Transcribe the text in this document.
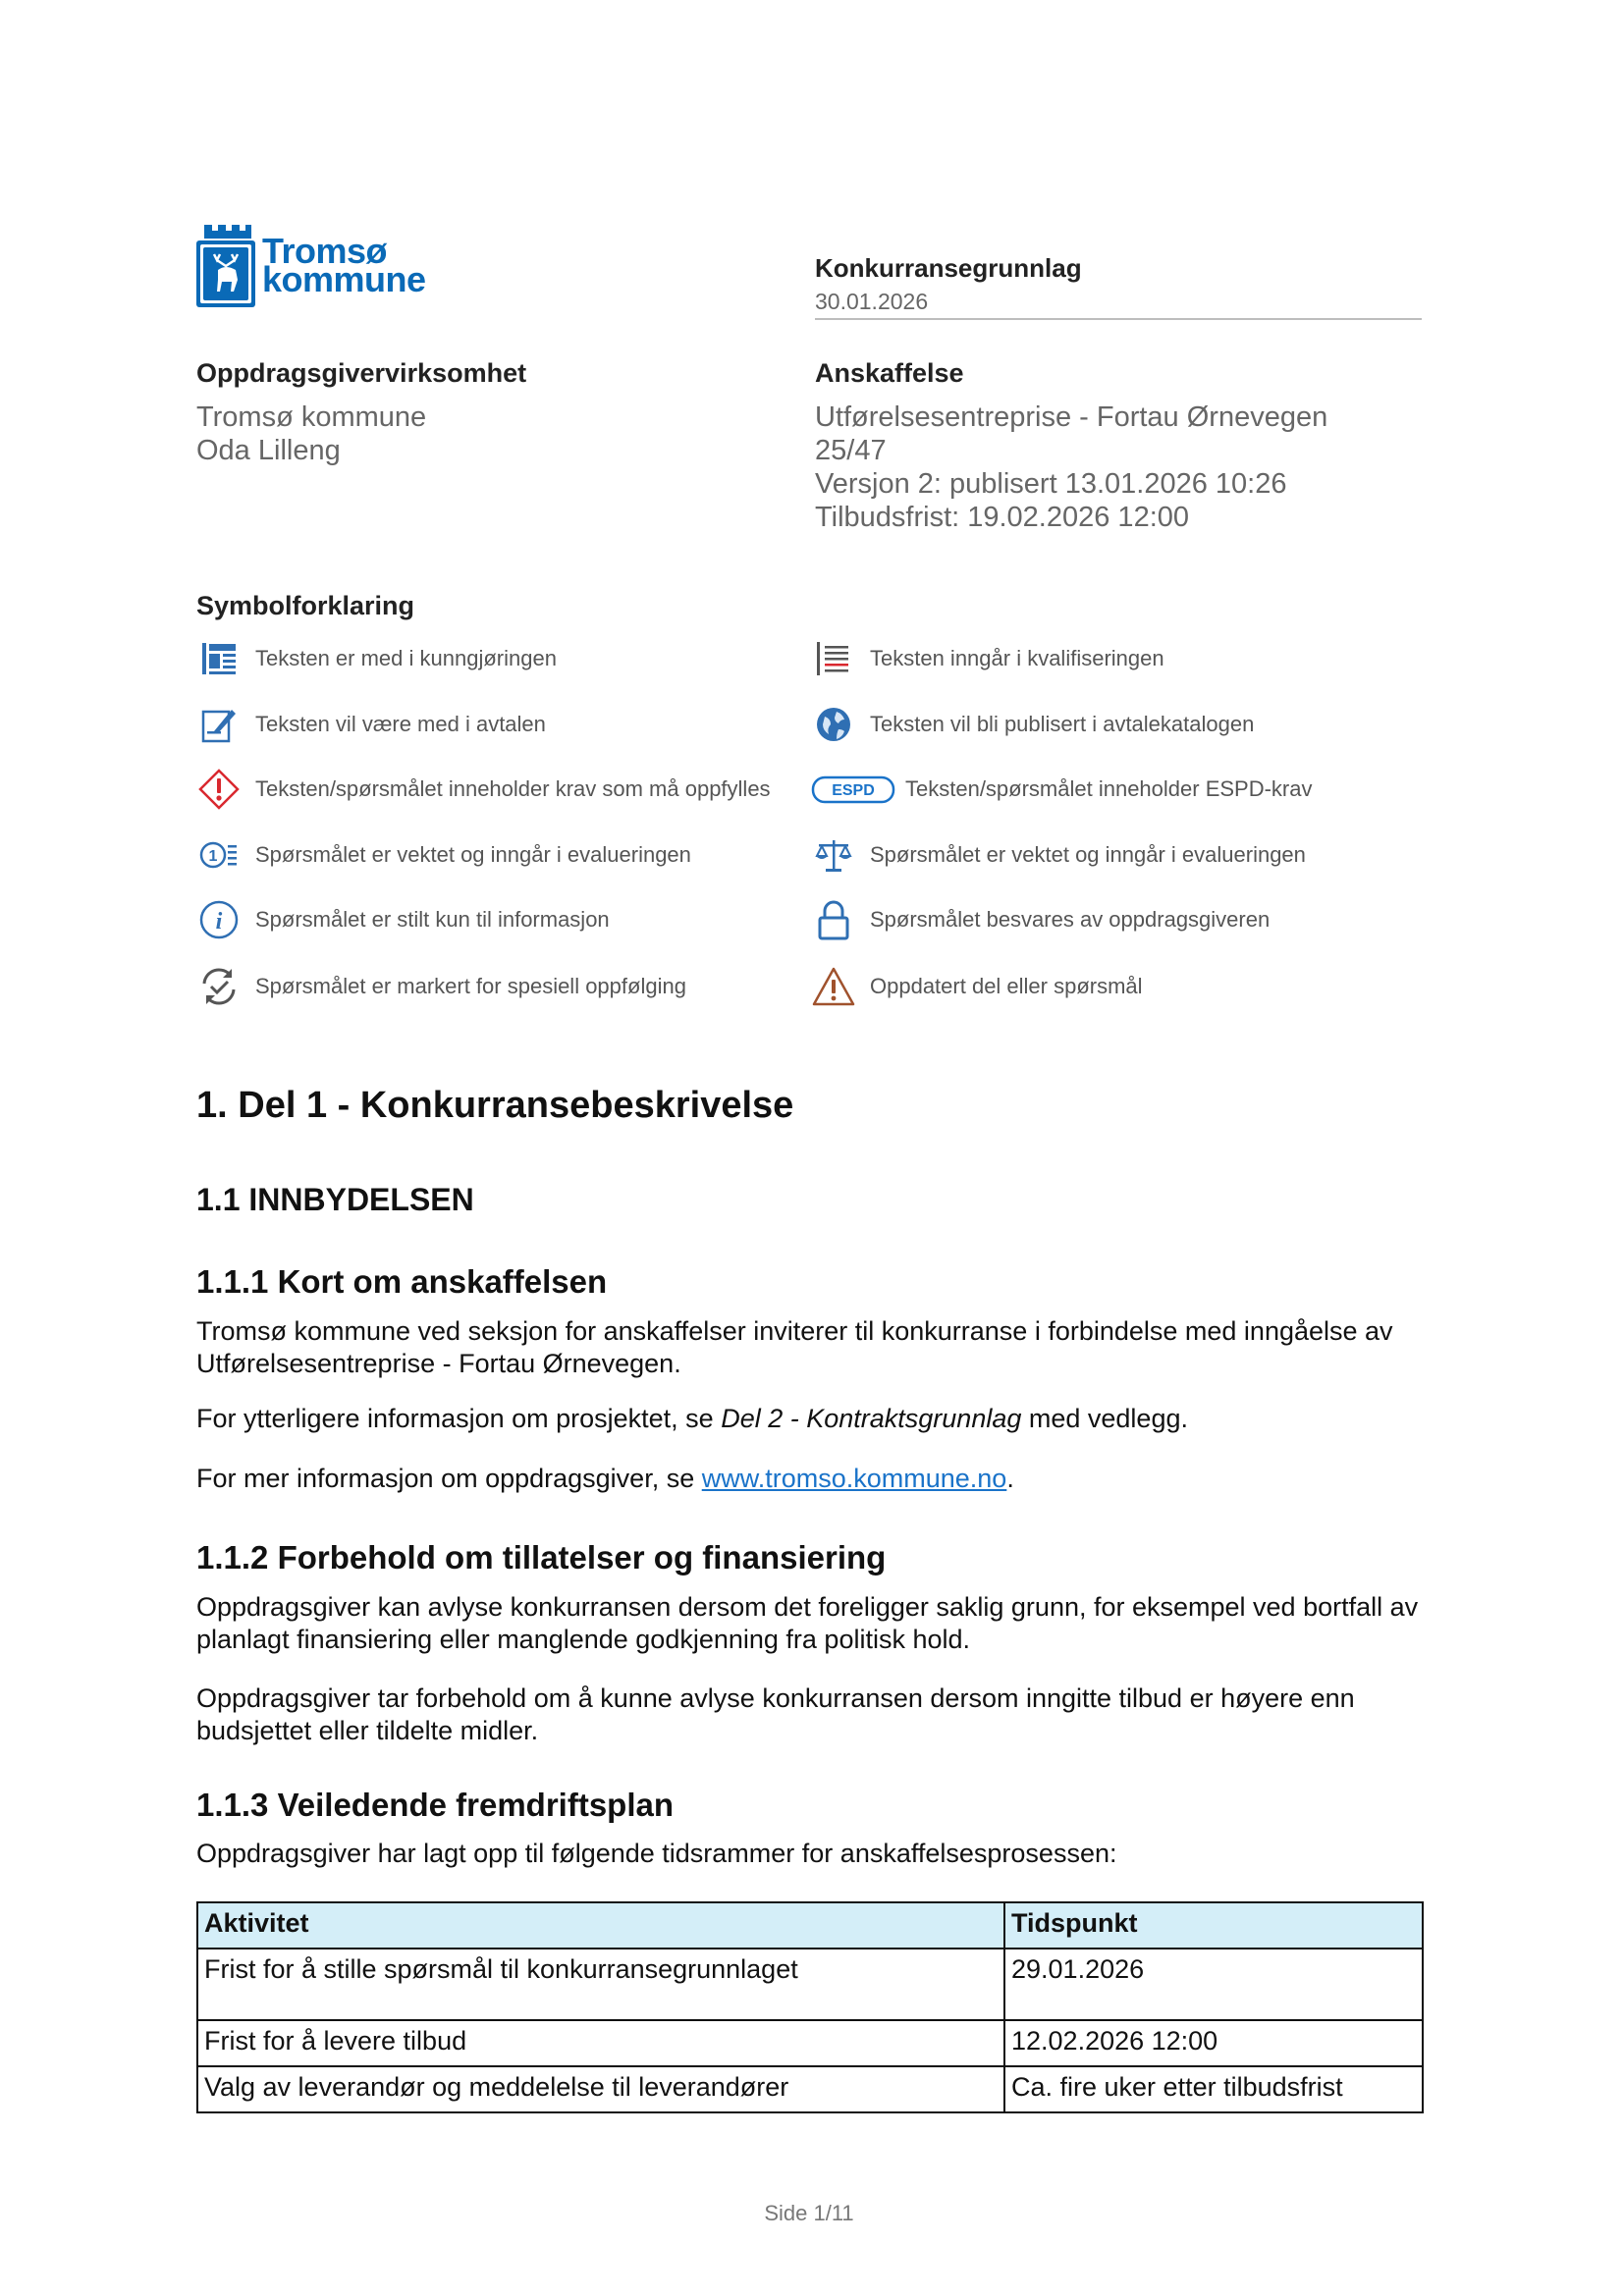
Tromsø
kommune	Konkurransegrunnlag
30.01.2026
Oppdragsgivervirksomhet
Tromsø kommune
Oda Lilleng
Anskaffelse
Utførelsesentreprise - Fortau Ørnevegen
25/47
Versjon 2: publisert 13.01.2026 10:26
Tilbudsfrist: 19.02.2026 12:00
Symbolforklaring
Teksten er med i kunngjøringen	Teksten inngår i kvalifiseringen
Teksten vil være med i avtalen	Teksten vil bli publisert i avtalekatalogen
Teksten/spørsmålet inneholder krav som må oppfylles	ESPD Teksten/spørsmålet inneholder ESPD-krav
1 Spørsmålet er vektet og inngår i evalueringen	Spørsmålet er vektet og inngår i evalueringen
i Spørsmålet er stilt kun til informasjon	Spørsmålet besvares av oppdragsgiveren
Spørsmålet er markert for spesiell oppfølging	Oppdatert del eller spørsmål
1. Del 1 - Konkurransebeskrivelse
1.1 INNBYDELSEN
1.1.1 Kort om anskaffelsen
Tromsø kommune ved seksjon for anskaffelser inviterer til konkurranse i forbindelse med inngåelse av Utførelsesentreprise - Fortau Ørnevegen.
For ytterligere informasjon om prosjektet, se Del 2 - Kontraktsgrunnlag med vedlegg.
For mer informasjon om oppdragsgiver, se www.tromso.kommune.no.
1.1.2 Forbehold om tillatelser og finansiering
Oppdragsgiver kan avlyse konkurransen dersom det foreligger saklig grunn, for eksempel ved bortfall av planlagt finansiering eller manglende godkjenning fra politisk hold.
Oppdragsgiver tar forbehold om å kunne avlyse konkurransen dersom inngitte tilbud er høyere enn budsjettet eller tildelte midler.
1.1.3 Veiledende fremdriftsplan
Oppdragsgiver har lagt opp til følgende tidsrammer for anskaffelsesprosessen:
Aktivitet	Tidspunkt
Frist for å stille spørsmål til konkurransegrunnlaget	29.01.2026
Frist for å levere tilbud	12.02.2026 12:00
Valg av leverandør og meddelelse til leverandører	Ca. fire uker etter tilbudsfrist
Side 1/11
